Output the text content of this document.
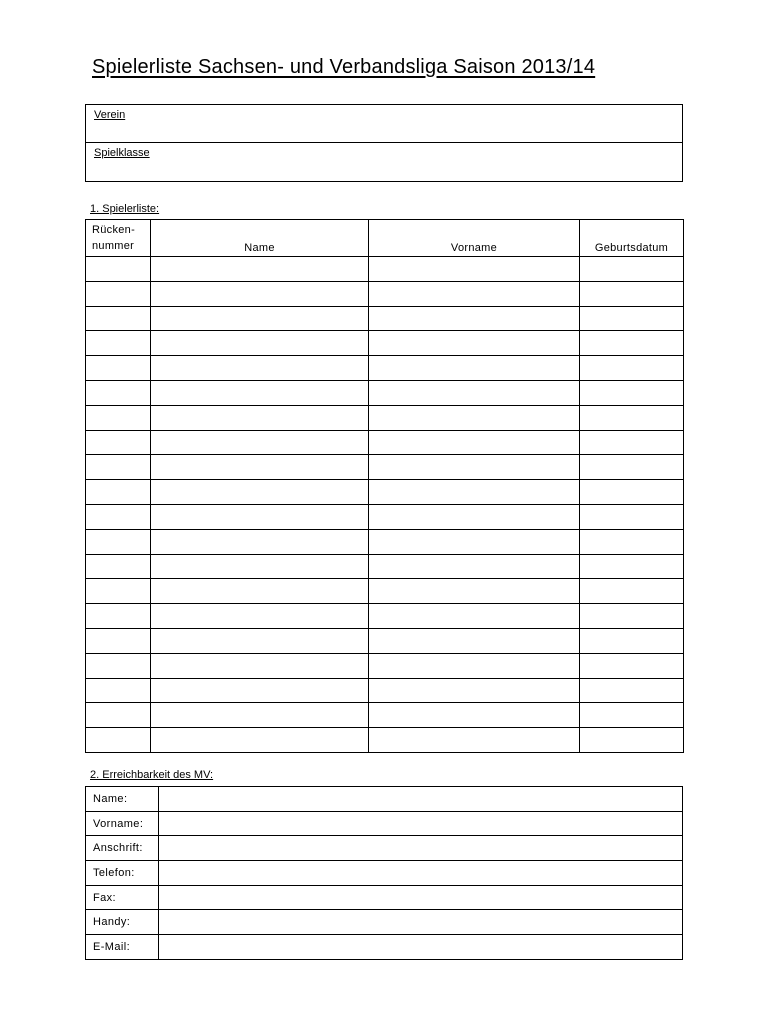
Spielerliste Sachsen- und Verbandsliga Saison 2013/14
Verein
Spielklasse
1. Spielerliste:
Rücken-
nummer	Name	Vorname	Geburtsdatum

2. Erreichbarkeit des MV:
Name:	
Vorname:	
Anschrift:	
Telefon:	
Fax:	
Handy:	
E-Mail:	
